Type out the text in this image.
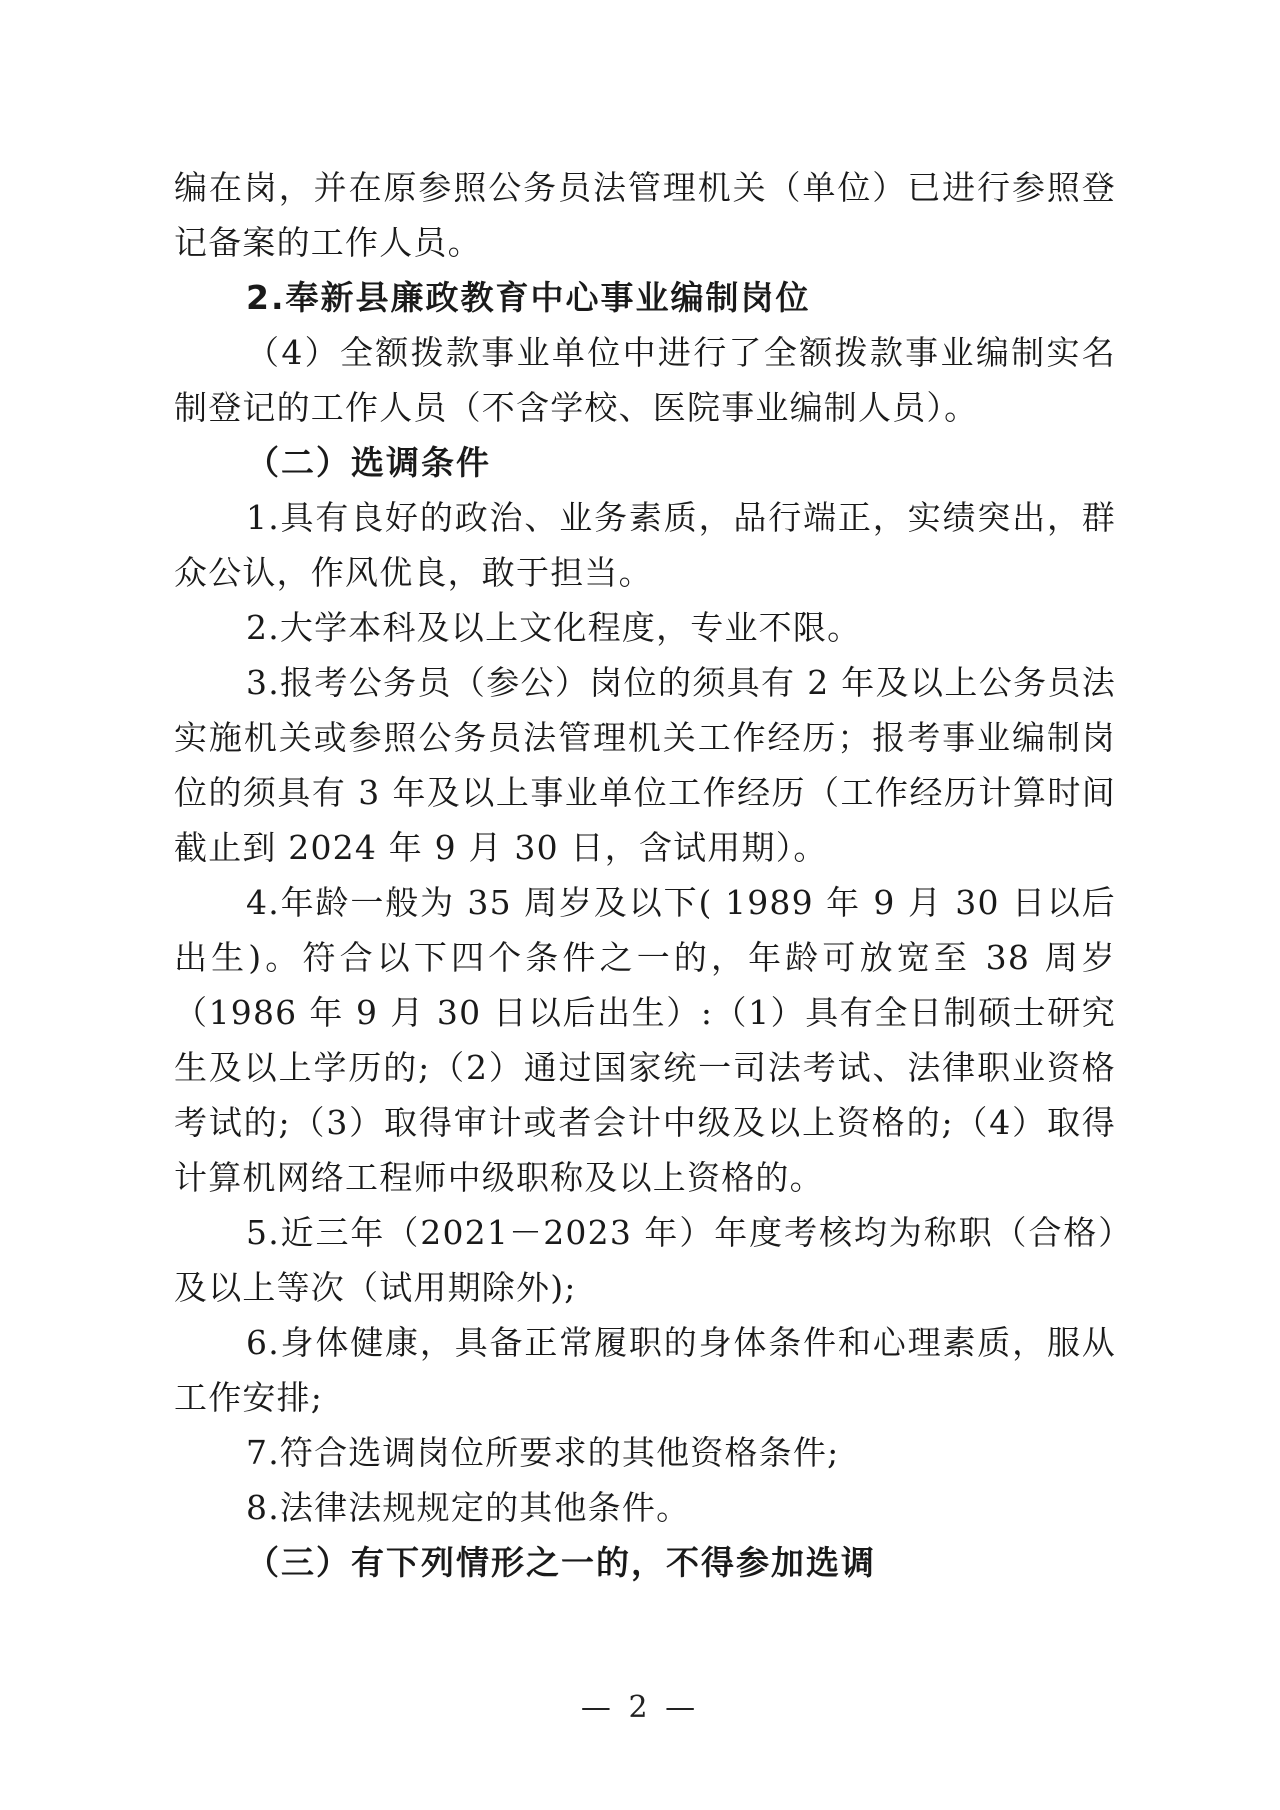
编在岗，并在原参照公务员法管理机关（单位）已进行参照登记备案的工作人员。

2.奉新县廉政教育中心事业编制岗位

（4）全额拨款事业单位中进行了全额拨款事业编制实名制登记的工作人员（不含学校、医院事业编制人员）。

（二）选调条件

1.具有良好的政治、业务素质，品行端正，实绩突出，群众公认，作风优良，敢于担当。

2.大学本科及以上文化程度，专业不限。

3.报考公务员（参公）岗位的须具有 2 年及以上公务员法实施机关或参照公务员法管理机关工作经历；报考事业编制岗位的须具有 3 年及以上事业单位工作经历（工作经历计算时间截止到 2024 年 9 月 30 日，含试用期）。

4.年龄一般为 35 周岁及以下( 1989 年 9 月 30 日以后出生)。符合以下四个条件之一的，年龄可放宽至 38 周岁（1986 年 9 月 30 日以后出生）:（1）具有全日制硕士研究生及以上学历的;（2）通过国家统一司法考试、法律职业资格考试的;（3）取得审计或者会计中级及以上资格的;（4）取得计算机网络工程师中级职称及以上资格的。

5.近三年（2021－2023 年）年度考核均为称职（合格）及以上等次（试用期除外);

6.身体健康，具备正常履职的身体条件和心理素质，服从工作安排;

7.符合选调岗位所要求的其他资格条件;

8.法律法规规定的其他条件。

（三）有下列情形之一的，不得参加选调

— 2 —
